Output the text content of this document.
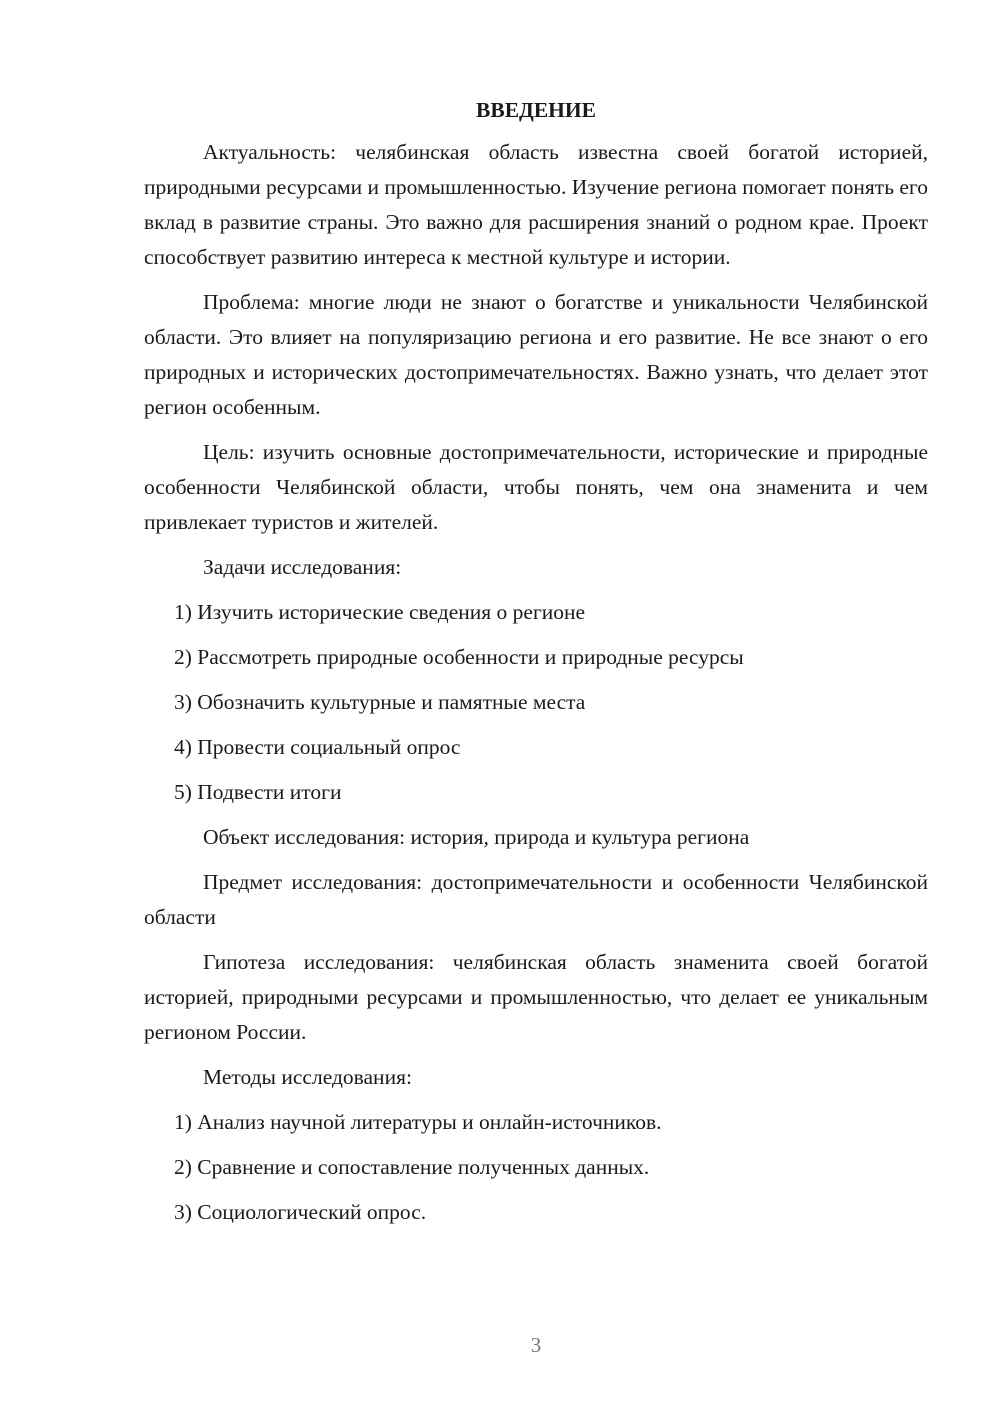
ВВЕДЕНИЕ

Актуальность: челябинская область известна своей богатой историей, природными ресурсами и промышленностью. Изучение региона помогает понять его вклад в развитие страны. Это важно для расширения знаний о родном крае. Проект способствует развитию интереса к местной культуре и истории.

Проблема: многие люди не знают о богатстве и уникальности Челябинской области. Это влияет на популяризацию региона и его развитие. Не все знают о его природных и исторических достопримечательностях. Важно узнать, что делает этот регион особенным.

Цель: изучить основные достопримечательности, исторические и природные особенности Челябинской области, чтобы понять, чем она знаменита и чем привлекает туристов и жителей.

Задачи исследования:

1) Изучить исторические сведения о регионе

2) Рассмотреть природные особенности и природные ресурсы

3) Обозначить культурные и памятные места

4) Провести социальный опрос

5) Подвести итоги

Объект исследования: история, природа и культура региона

Предмет исследования: достопримечательности и особенности Челябинской области

Гипотеза исследования: челябинская область знаменита своей богатой историей, природными ресурсами и промышленностью, что делает ее уникальным регионом России.

Методы исследования:

1) Анализ научной литературы и онлайн-источников.

2) Сравнение и сопоставление полученных данных.

3) Социологический опрос.

3
